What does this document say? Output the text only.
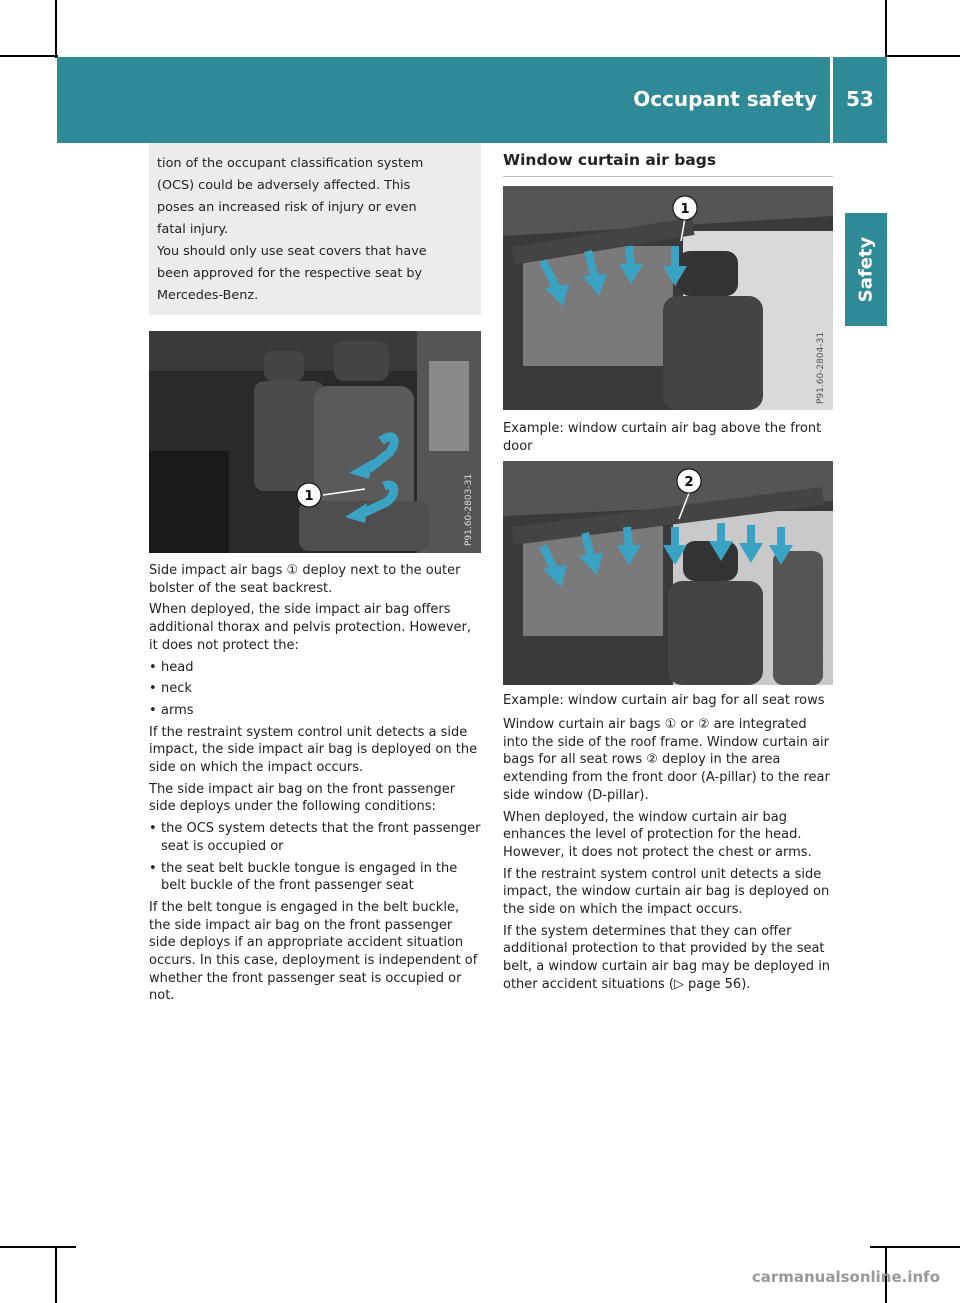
Occupant safety 53
Safety

tion of the occupant classification system

(OCS) could be adversely affected. This

poses an increased risk of injury or even

fatal injury.

You should only use seat covers that have

been approved for the respective seat by

Mercedes-Benz.

1	P91.60-2803-31

Side impact air bags ① deploy next to the outer bolster of the seat backrest.

When deployed, the side impact air bag offers additional thorax and pelvis protection. However, it does not protect the:

• head
• neck
• arms

If the restraint system control unit detects a side impact, the side impact air bag is deployed on the side on which the impact occurs.

The side impact air bag on the front passenger side deploys under the following conditions:

• the OCS system detects that the front passenger seat is occupied or
• the seat belt buckle tongue is engaged in the belt buckle of the front passenger seat

If the belt tongue is engaged in the belt buckle, the side impact air bag on the front passenger side deploys if an appropriate accident situation occurs. In this case, deployment is independent of whether the front passenger seat is occupied or not.

Window curtain air bags
1
P91.60-2804-31
Example: window curtain air bag above the front door
2
P91.60-2805-31
Example: window curtain air bag for all seat rows

Window curtain air bags ① or ② are integrated into the side of the roof frame. Window curtain air bags for all seat rows ② deploy in the area extending from the front door (A-pillar) to the rear side window (D-pillar).

When deployed, the window curtain air bag enhances the level of protection for the head. However, it does not protect the chest or arms.

If the restraint system control unit detects a side impact, the window curtain air bag is deployed on the side on which the impact occurs.

If the system determines that they can offer additional protection to that provided by the seat belt, a window curtain air bag may be deployed in other accident situations (▷ page 56).

carmanualsonline.info
